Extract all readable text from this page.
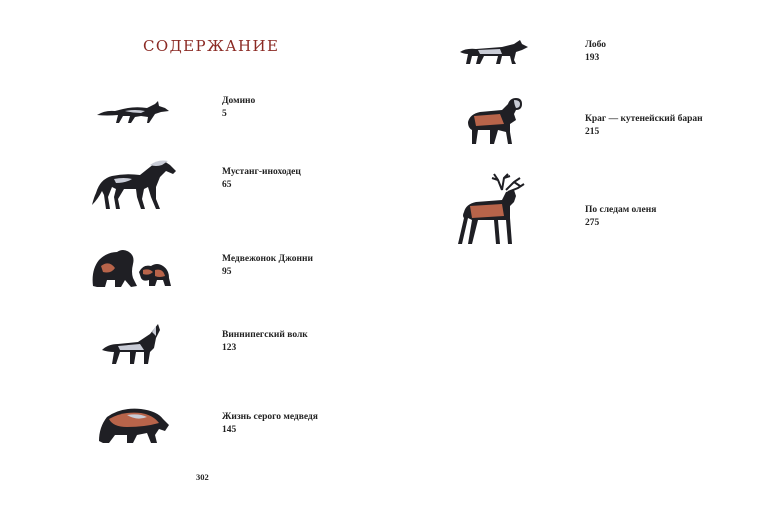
СОДЕРЖАНИЕ
Домино
5
Мустанг-иноходец
65
Медвежонок Джонни
95
Виннипегский волк
123
Жизнь серого медведя
145
302
Лобо
193
Краг — кутенейский баран
215
По следам оленя
275
